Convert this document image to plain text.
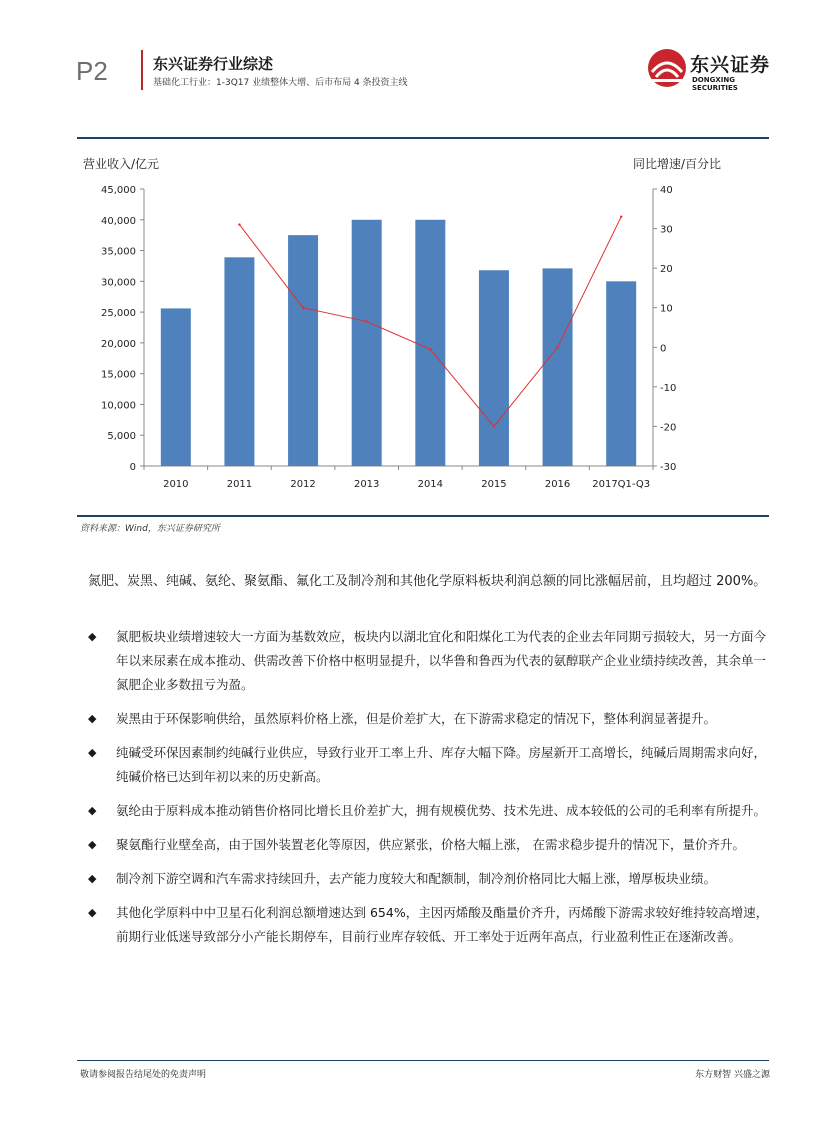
P2	东兴证券行业综述
基础化工行业：1-3Q17 业绩整体大增、后市布局 4 条投资主线
东兴证券
DONGXING SECURITIES
0
5,000
10,000
15,000
20,000
25,000
30,000
35,000
40,000
45,000
-30
-20
-10
0
10
20
30
40
营业收入/亿元	同比增速/百分比
2010	2011	2012	2013	2014	2015	2016 2017Q1-Q3
资料来源：Wind，东兴证券研究所
氮肥、炭黑、纯碱、氨纶、聚氨酯、氟化工及制冷剂和其他化学原料板块利润总额的同比涨幅居前，且均超过 200%。
◆ 氮肥板块业绩增速较大一方面为基数效应，板块内以湖北宜化和阳煤化工为代表的企业去年同期亏损较大，另一方面今年以来尿素在成本推动、供需改善下价格中枢明显提升，以华鲁和鲁西为代表的氨醇联产企业业绩持续改善，其余单一氮肥企业多数扭亏为盈。
◆ 炭黑由于环保影响供给，虽然原料价格上涨，但是价差扩大，在下游需求稳定的情况下，整体利润显著提升。
◆ 纯碱受环保因素制约纯碱行业供应，导致行业开工率上升、库存大幅下降。房屋新开工高增长，纯碱后周期需求向好，纯碱价格已达到年初以来的历史新高。
◆ 氨纶由于原料成本推动销售价格同比增长且价差扩大，拥有规模优势、技术先进、成本较低的公司的毛利率有所提升。
◆ 聚氨酯行业壁垒高，由于国外装置老化等原因，供应紧张，价格大幅上涨， 在需求稳步提升的情况下，量价齐升。
◆ 制冷剂下游空调和汽车需求持续回升，去产能力度较大和配额制，制冷剂价格同比大幅上涨，增厚板块业绩。
◆ 其他化学原料中中卫星石化利润总额增速达到 654%，主因丙烯酸及酯量价齐升，丙烯酸下游需求较好维持较高增速，前期行业低迷导致部分小产能长期停车，目前行业库存较低、开工率处于近两年高点，行业盈利性正在逐渐改善。
敬请参阅报告结尾处的免责声明	东方财智 兴盛之源
